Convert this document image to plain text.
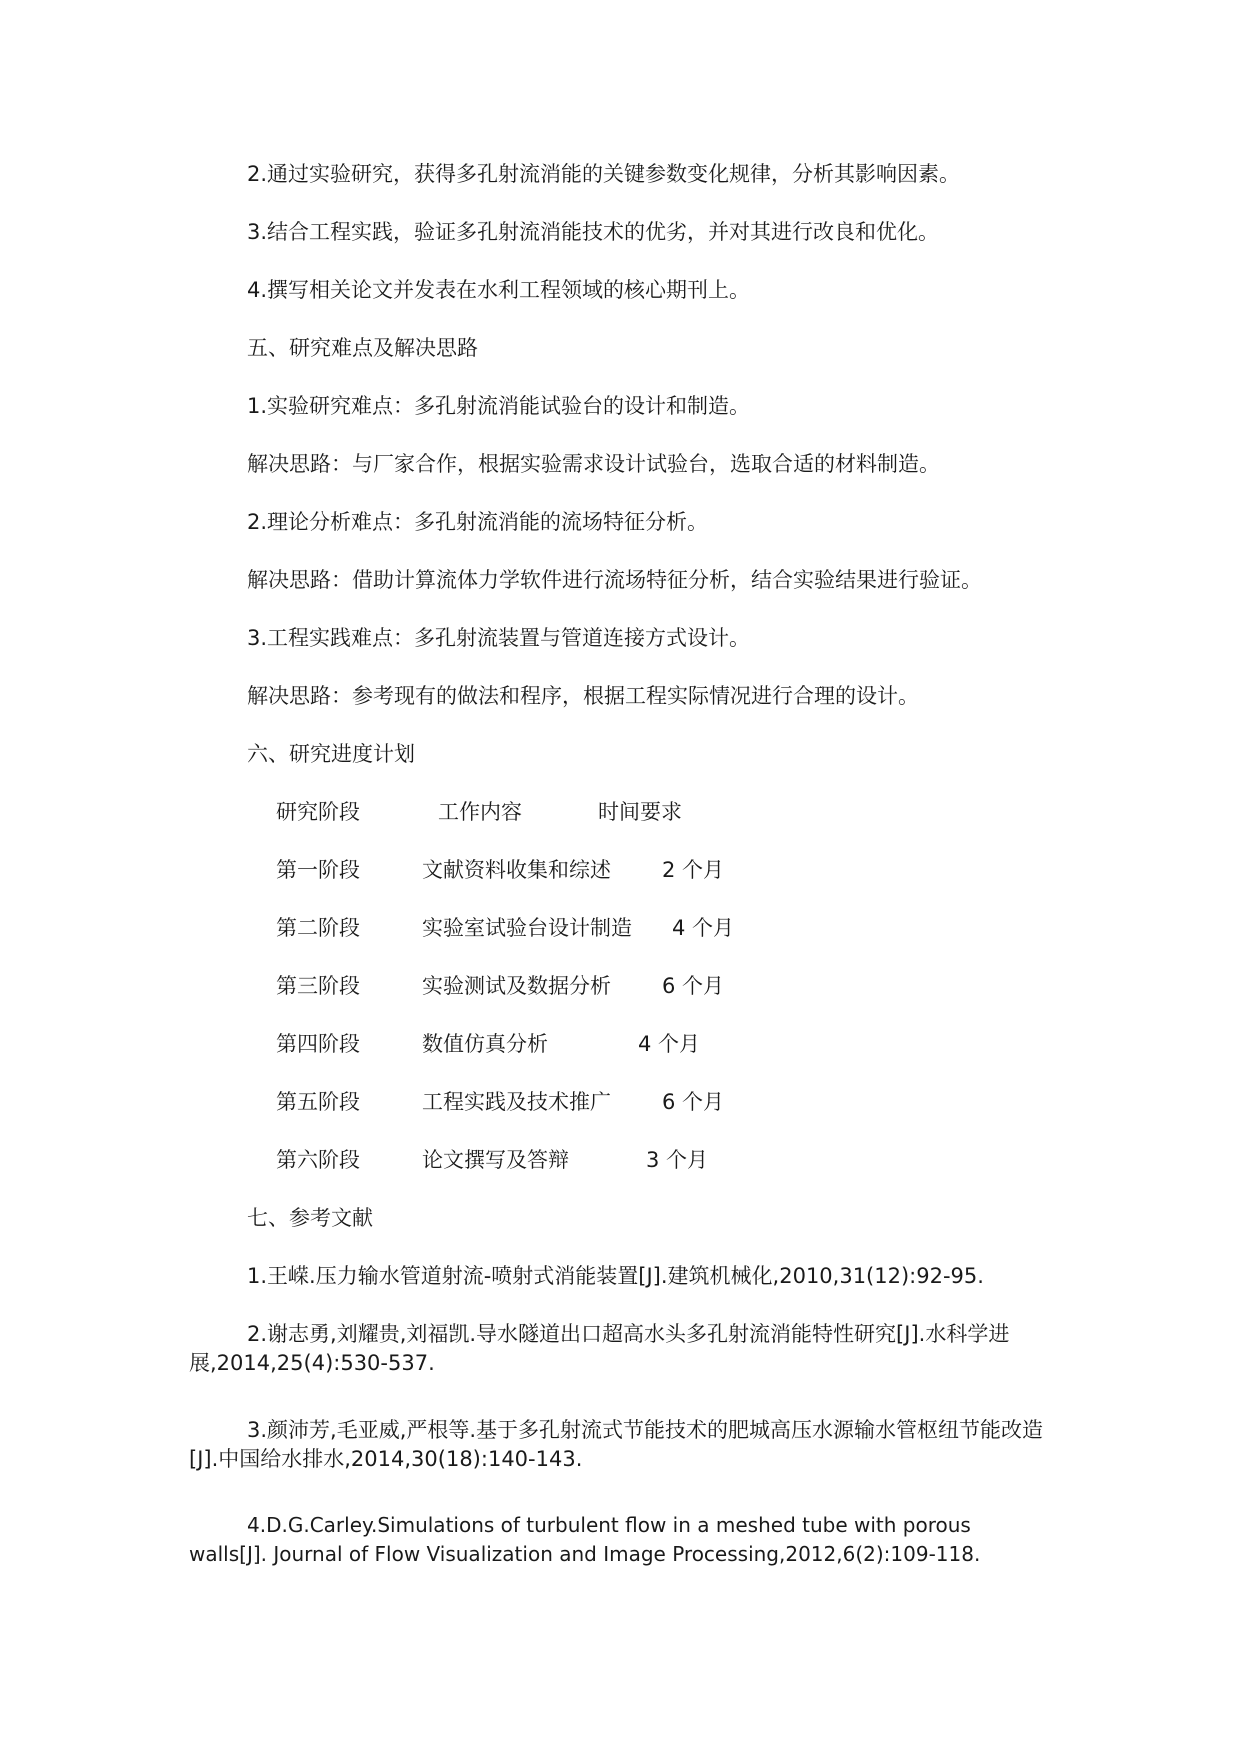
2.通过实验研究，获得多孔射流消能的关键参数变化规律，分析其影响因素。
3.结合工程实践，验证多孔射流消能技术的优劣，并对其进行改良和优化。
4.撰写相关论文并发表在水利工程领域的核心期刊上。
五、研究难点及解决思路
1.实验研究难点：多孔射流消能试验台的设计和制造。
解决思路：与厂家合作，根据实验需求设计试验台，选取合适的材料制造。
2.理论分析难点：多孔射流消能的流场特征分析。
解决思路：借助计算流体力学软件进行流场特征分析，结合实验结果进行验证。
3.工程实践难点：多孔射流装置与管道连接方式设计。
解决思路：参考现有的做法和程序，根据工程实际情况进行合理的设计。
六、研究进度计划
研究阶段	工作内容	时间要求
第一阶段	文献资料收集和综述 2 个月
第二阶段	实验室试验台设计制造 4 个月
第三阶段	实验测试及数据分析 6 个月
第四阶段	数值仿真分析	4 个月
第五阶段	工程实践及技术推广 6 个月
第六阶段	论文撰写及答辩	3 个月
七、参考文献
1.王嵘.压力输水管道射流-喷射式消能装置[J].建筑机械化,2010,31(12):92-95.
2.谢志勇,刘耀贵,刘福凯.导水隧道出口超高水头多孔射流消能特性研究[J].水科学进展,2014,25(4):530-537.
3.颜沛芳,毛亚威,严根等.基于多孔射流式节能技术的肥城高压水源输水管枢纽节能改造[J].中国给水排水,2014,30(18):140-143.
4.D.G.Carley.Simulations of turbulent flow in a meshed tube with porous walls[J]. Journal of Flow Visualization and Image Processing,2012,6(2):109-118.
